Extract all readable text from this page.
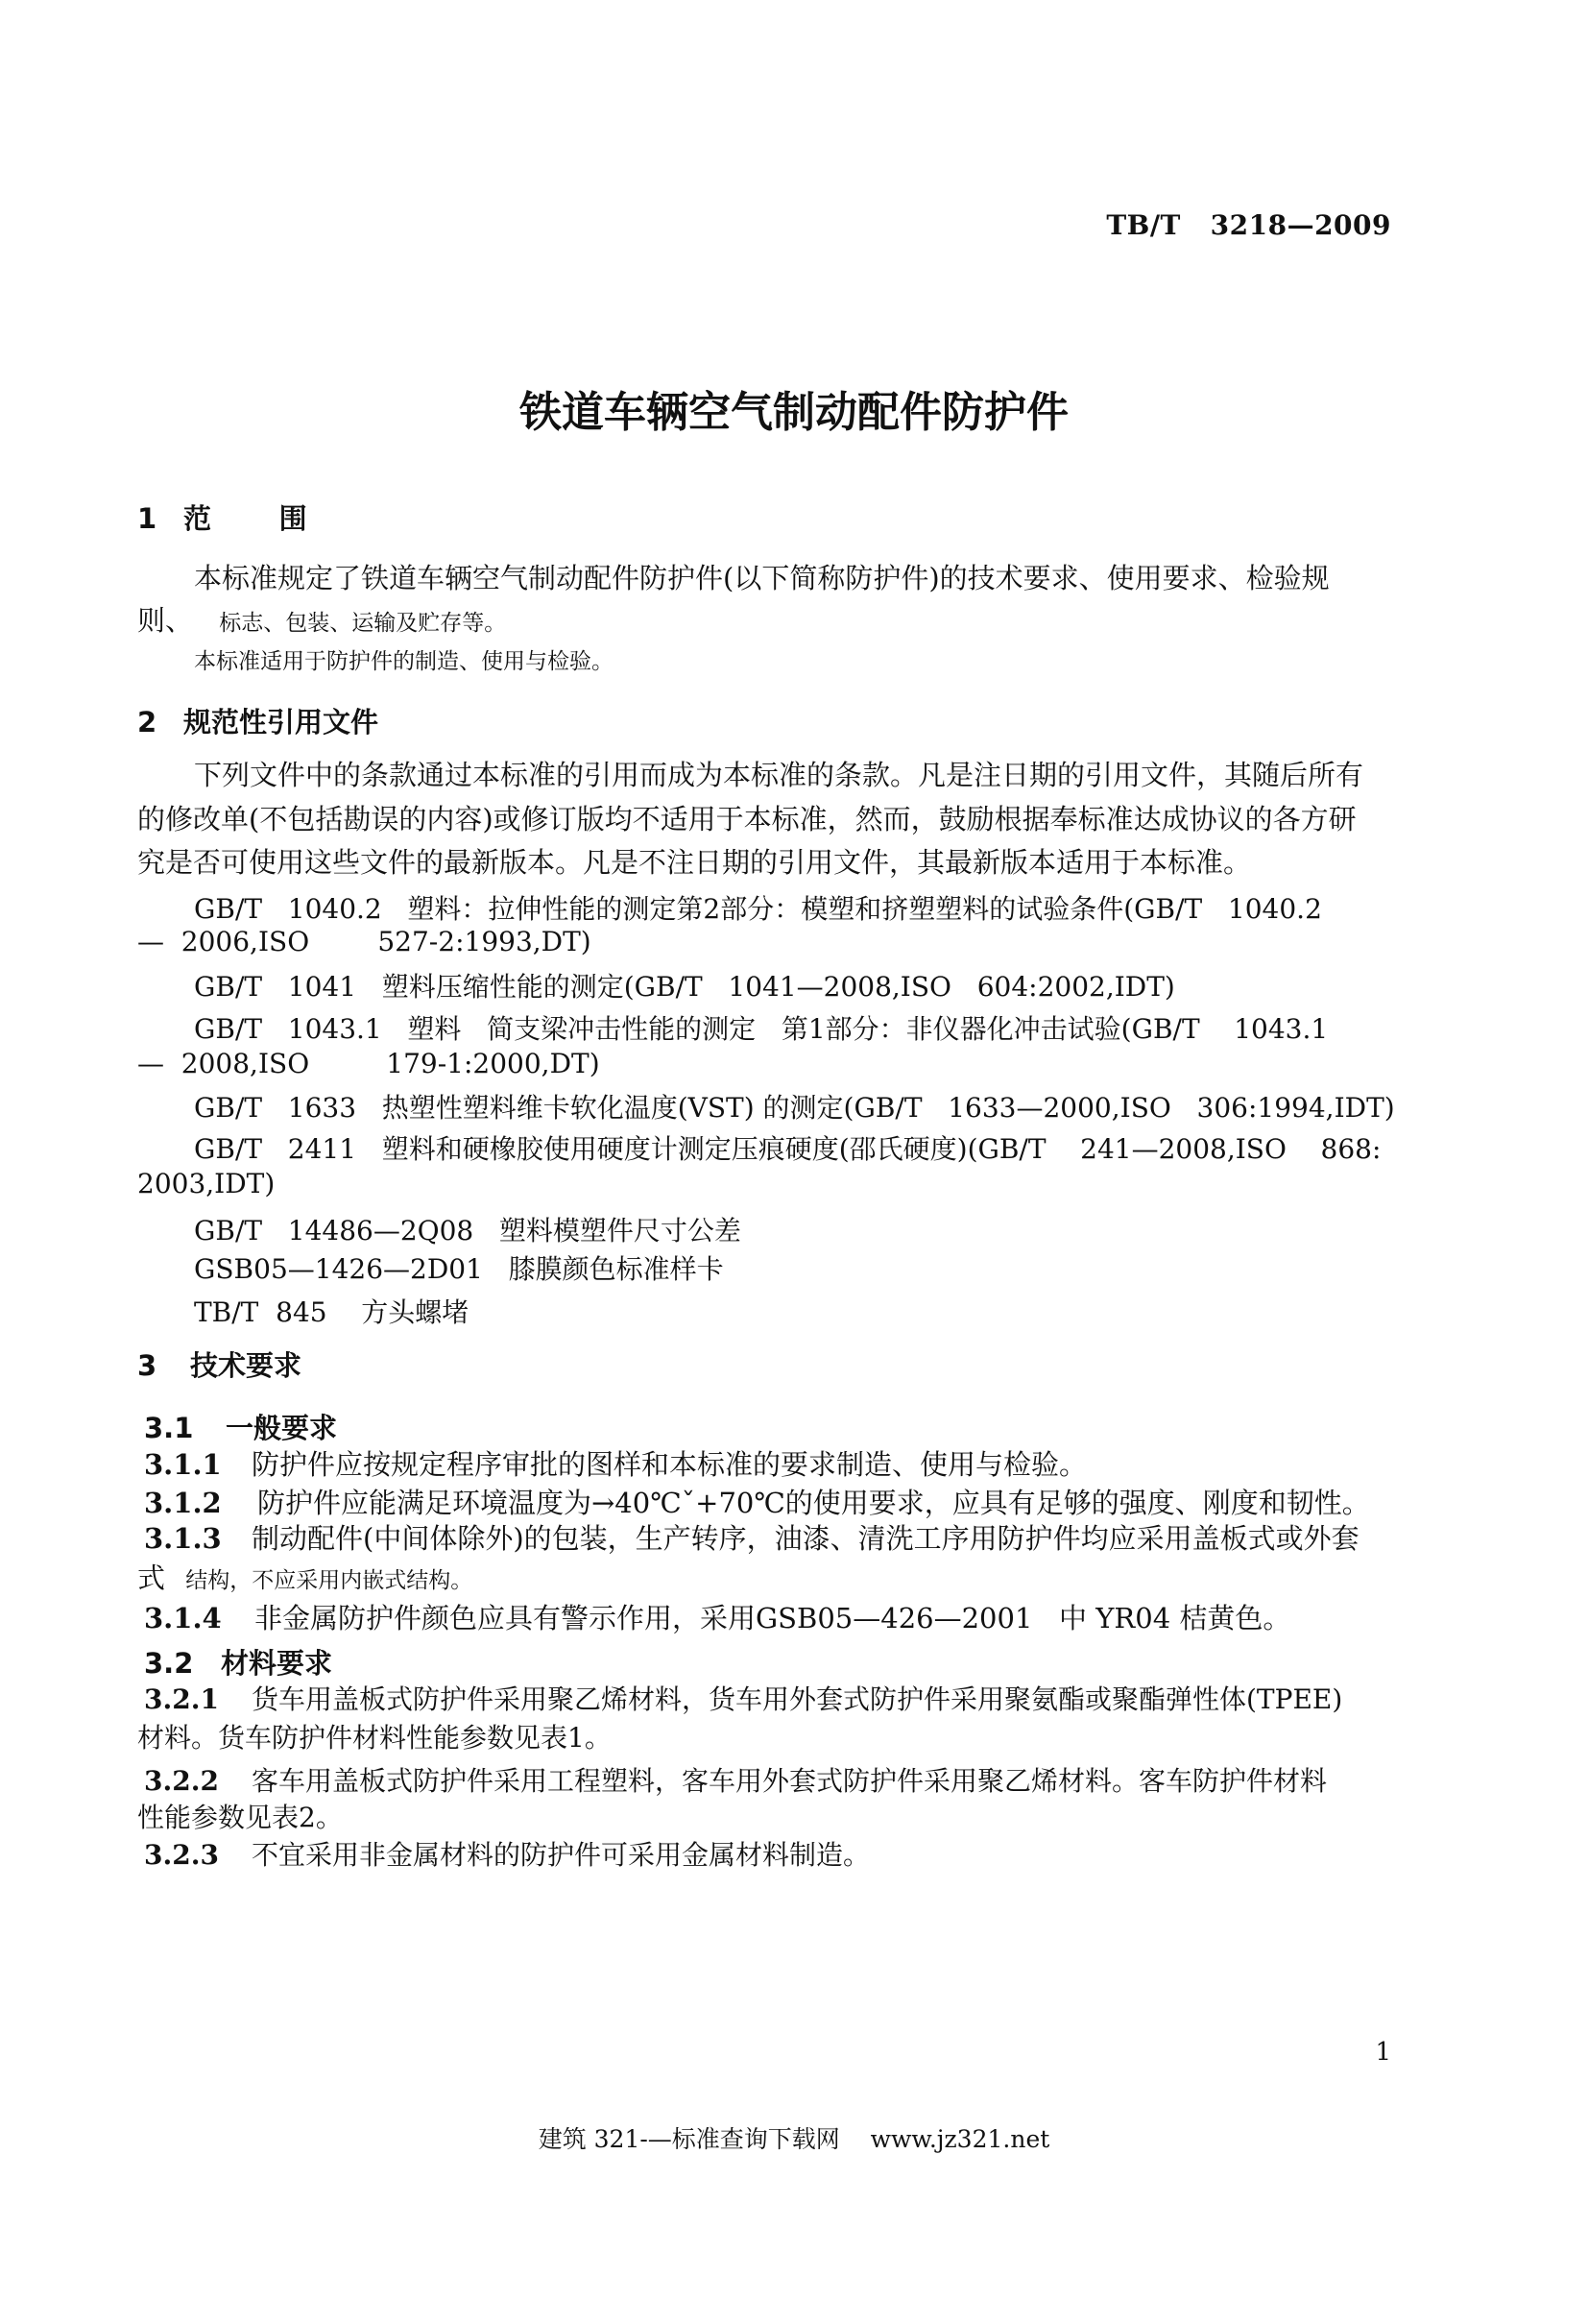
TB/T   3218—2009
铁道车辆空气制动配件防护件
1 范       围
本标准规定了铁道车辆空气制动配件防护件(以下简称防护件)的技术要求、使用要求、检验规
则、 标志、包装、运输及贮存等。
本标准适用于防护件的制造、使用与检验。
2 规范性引用文件
下列文件中的条款通过本标准的引用而成为本标准的条款。凡是注日期的引用文件，其随后所有
的修改单(不包括勘误的内容)或修订版均不适用于本标准，然而，鼓励根据奉标准达成协议的各方研
究是否可使用这些文件的最新版本。凡是不注日期的引用文件，其最新版本适用于本标准。
GB/T   1040.2   塑料：拉伸性能的测定第2部分：模塑和挤塑塑料的试验条件(GB/T   1040.2
—  2006,ISO        527-2:1993,DT)
GB/T   1041   塑料压缩性能的测定(GB/T   1041—2008,ISO   604:2002,IDT)
GB/T   1043.1   塑料   简支梁冲击性能的测定   第1部分：非仪器化冲击试验(GB/T    1043.1
—  2008,ISO         179-1:2000,DT)
GB/T   1633   热塑性塑料维卡软化温度(VST) 的测定(GB/T   1633—2000,ISO   306:1994,IDT)
GB/T   2411   塑料和硬橡胶使用硬度计测定压痕硬度(邵氏硬度)(GB/T    241—2008,ISO    868:
2003,IDT)
GB/T   14486—2Q08   塑料模塑件尺寸公差
GSB05—1426—2D01   膝膜颜色标准样卡
TB/T  845    方头螺堵
3 技术要求
3.1 一般要求
3.1.1 防护件应按规定程序审批的图样和本标准的要求制造、使用与检验。
3.1.2 防护件应能满足环境温度为→40℃ˇ+70℃的使用要求，应具有足够的强度、刚度和韧性。
3.1.3 制动配件(中间体除外)的包装，生产转序，油漆、清洗工序用防护件均应采用盖板式或外套
式 结构，不应采用内嵌式结构。
3.1.4 非金属防护件颜色应具有警示作用，采用GSB05—426—2001   中 YR04 桔黄色。
3.2 材料要求
3.2.1 货车用盖板式防护件采用聚乙烯材料，货车用外套式防护件采用聚氨酯或聚酯弹性体(TPEE)
材料。货车防护件材料性能参数见表1。
3.2.2 客车用盖板式防护件采用工程塑料，客车用外套式防护件采用聚乙烯材料。客车防护件材料
性能参数见表2。
3.2.3 不宜采用非金属材料的防护件可采用金属材料制造。
1
建筑 321-—标准查询下载网    www.jz321.net
